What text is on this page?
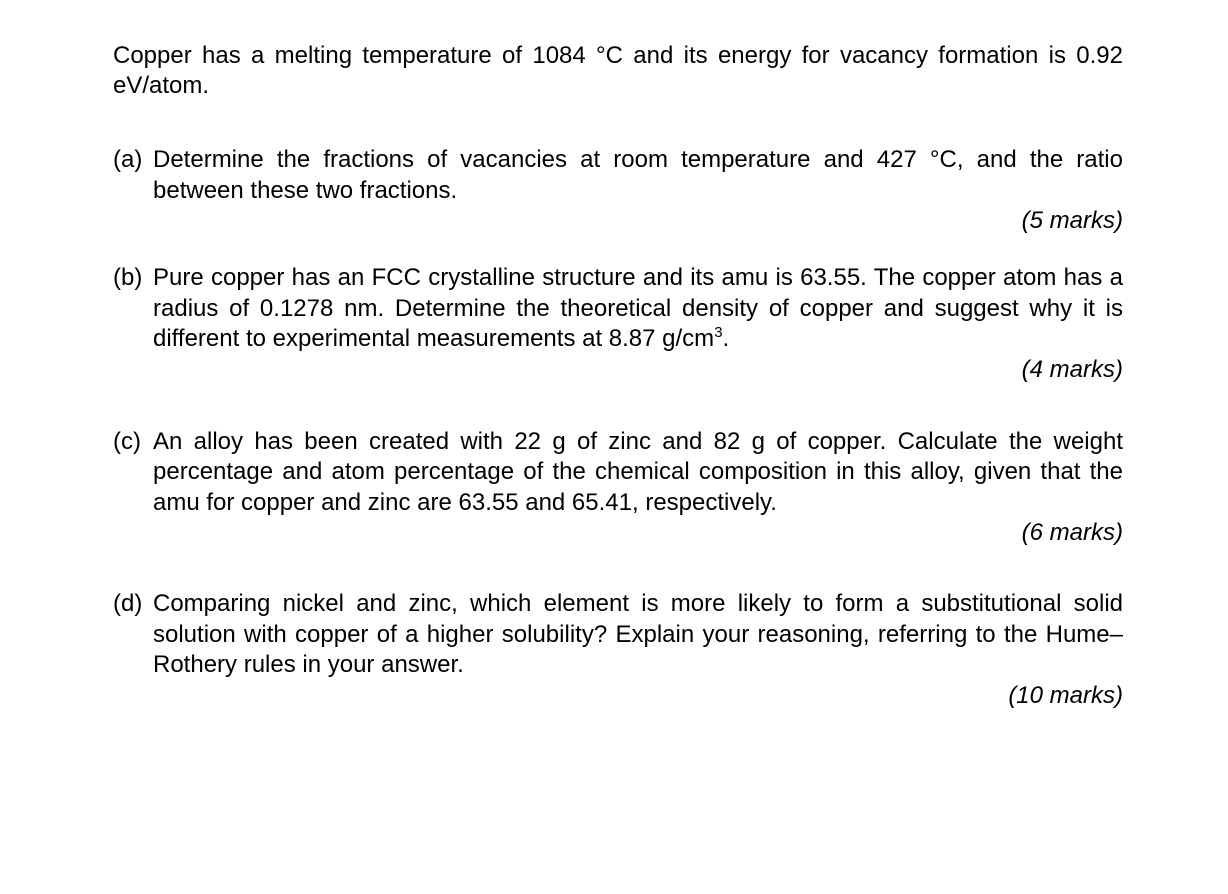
Copper has a melting temperature of 1084 °C and its energy for vacancy formation is 0.92 eV/atom.

(a) Determine the fractions of vacancies at room temperature and 427 °C, and the ratio between these two fractions.
(5 marks)
(b) Pure copper has an FCC crystalline structure and its amu is 63.55. The copper atom has a radius of 0.1278 nm. Determine the theoretical density of copper and suggest why it is different to experimental measurements at 8.87 $g/cm^3$.
(4 marks)
(c) An alloy has been created with 22 g of zinc and 82 g of copper. Calculate the weight percentage and atom percentage of the chemical composition in this alloy, given that the amu for copper and zinc are 63.55 and 65.41, respectively.
(6 marks)
(d) Comparing nickel and zinc, which element is more likely to form a substitutional solid solution with copper of a higher solubility? Explain your reasoning, referring to the Hume–Rothery rules in your answer.
(10 marks)
